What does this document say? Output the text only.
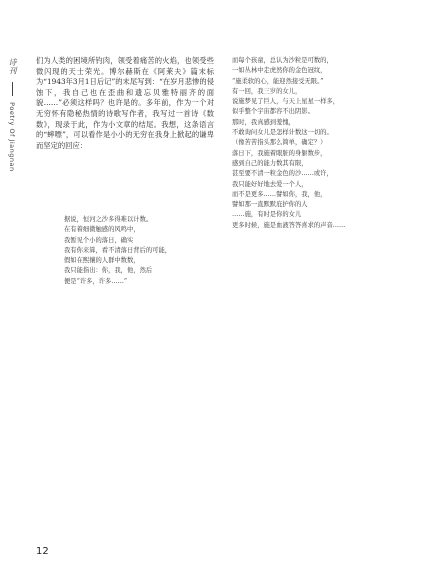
诗刊  Poetry Of Jiangnan

们为人类的困境所钓肉，领受着痛苦的火焰，也领受些微闪现的天士荣光。博尔赫斯在《阿莱夫》篇末标为“1943年3月1日后记”的末尾写到：“在岁月悲惨的侵蚀下，我自己也在歪曲和遗忘贝雅特丽齐的面貌……”必须这样吗？也许是的。多年前，作为一个对无穷怀有隐秘热情的诗歌写作者，我写过一首诗《数数》，现录于此，作为小文章的结尾。我想，这条语言的“蟀嘌”，可以看作是小小的无穷在我身上掀起的谦卑而坚定的回应：

据说，恒河之沙多得难以计数。
在有着细微触感的风鸣中，
我暂见个小的落日，确实
我有你来算，看不清落日背后的可能，
假如在熙攘的人群中数数，
我只能指出：你，我，他，然后
便是“许多，许多……”
而每个孩童，总认为沙粒是可数的，
一如丛林中走虎然你的金色冠纹，
“施柔软的心，能迎然接受无限。”
有一回，我三岁的女儿，
说施梦见了巨人，与天上星星一样多，
似乎整个宇宙都容不出阴影。
那时，我真感到羞愧，
不敢询问女儿是怎样计数这一切的。
（像苦苦指头那么简单，确定？）
落日下，我施着眼脏的身躯数步，
感到自己的能力数其有限，
甚至要不清一粒金色的沙……或许，
我只能好好地去爱一个人，
而不是更多……譬如你，我，他，
譬如那一直默默庇护你的人
……施，有时是你的女儿
更多时候，施是血液答答喜求的声音……
12
